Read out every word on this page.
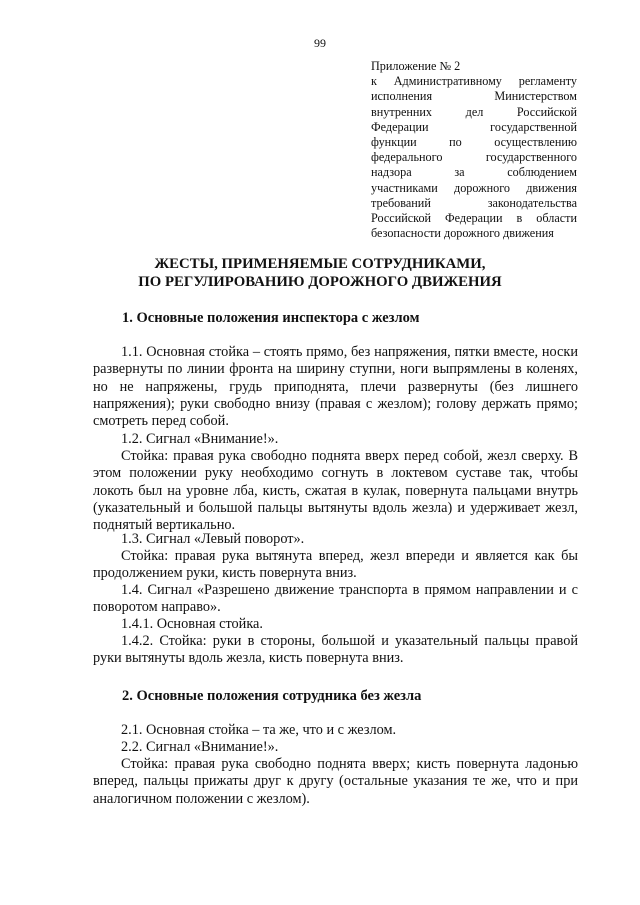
99

Приложение № 2

к Административному регламенту

исполнения Министерством

внутренних дел Российской

Федерации государственной

функции по осуществлению

федерального государственного

надзора за соблюдением

участниками дорожного движения

требований законодательства

Российской Федерации в области

безопасности дорожного движения

ЖЕСТЫ, ПРИМЕНЯЕМЫЕ СОТРУДНИКАМИ,

ПО РЕГУЛИРОВАНИЮ ДОРОЖНОГО ДВИЖЕНИЯ

1. Основные положения инспектора с жезлом

1.1. Основная стойка – стоять прямо, без напряжения, пятки вместе, носки развернуты по линии фронта на ширину ступни, ноги выпрямлены в коленях, но не напряжены, грудь приподнята, плечи развернуты (без лишнего напряжения); руки свободно внизу (правая с жезлом); голову держать прямо; смотреть перед собой.

1.2. Сигнал «Внимание!».

Стойка: правая рука свободно поднята вверх перед собой, жезл сверху. В этом положении руку необходимо согнуть в локтевом суставе так, чтобы локоть был на уровне лба, кисть, сжатая в кулак, повернута пальцами внутрь (указательный и большой пальцы вытянуты вдоль жезла) и удерживает жезл, поднятый вертикально.

1.3. Сигнал «Левый поворот».

Стойка: правая рука вытянута вперед, жезл впереди и является как бы продолжением руки, кисть повернута вниз.

1.4. Сигнал «Разрешено движение транспорта в прямом направлении и с поворотом направо».

1.4.1. Основная стойка.

1.4.2. Стойка: руки в стороны, большой и указательный пальцы правой руки вытянуты вдоль жезла, кисть повернута вниз.

2. Основные положения сотрудника без жезла

2.1. Основная стойка – та же, что и с жезлом.

2.2. Сигнал «Внимание!».

Стойка: правая рука свободно поднята вверх; кисть повернута ладонью вперед, пальцы прижаты друг к другу (остальные указания те же, что и при аналогичном положении с жезлом).
